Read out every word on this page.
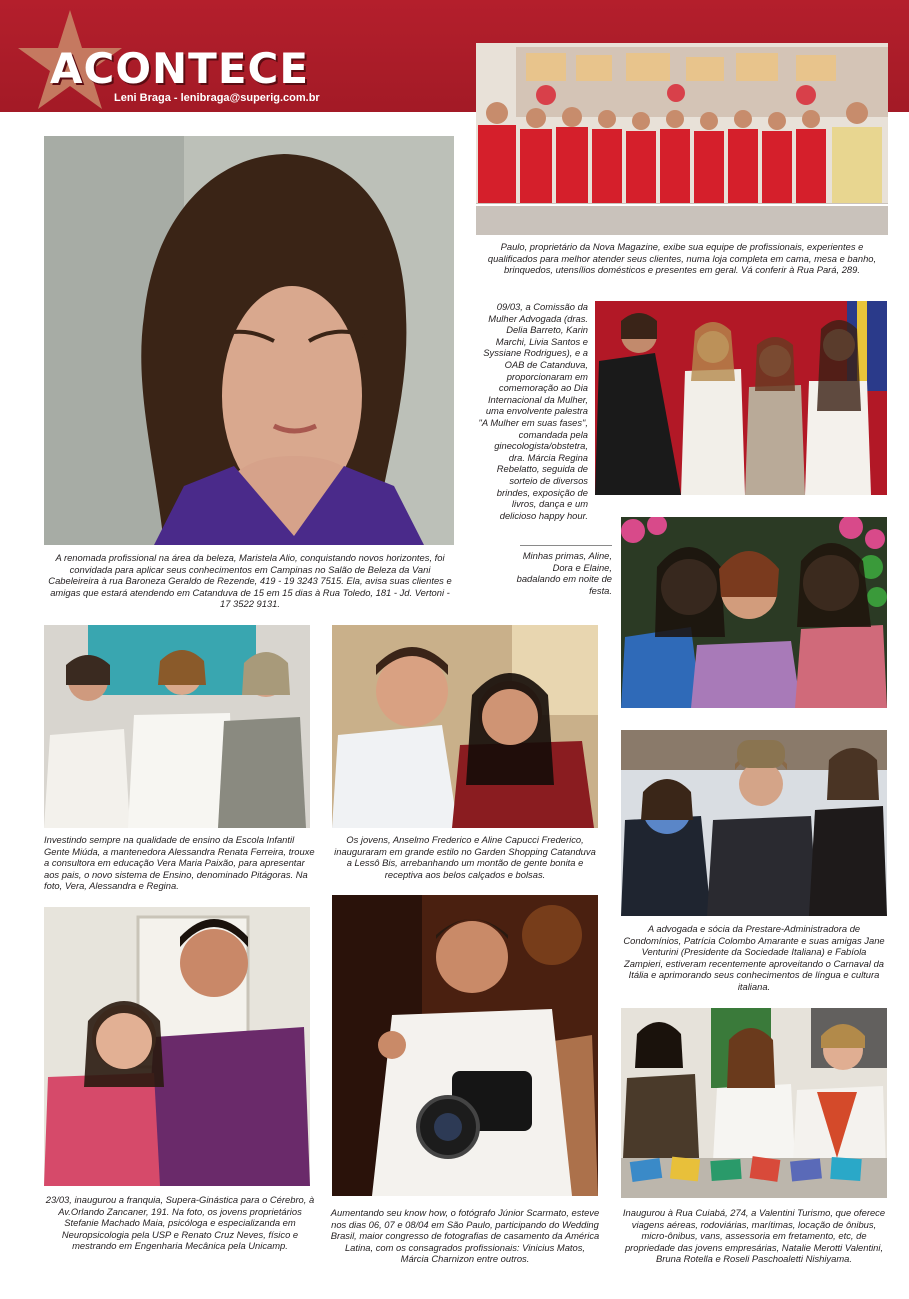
ACONTECE
Leni Braga - lenibraga@superig.com.br
A renomada profissional na área da beleza, Maristela Alio, conquistando novos horizontes, foi convidada para aplicar seus conhecimentos em Campinas no Salão de Beleza da Vani Cabeleireira à rua Baroneza Geraldo de Rezende, 419 - 19 3243 7515. Ela, avisa suas clientes e amigas que estará atendendo em Catanduva de 15 em 15 dias à Rua Toledo, 181 - Jd. Vertoni - 17 3522 9131.
Paulo, proprietário da Nova Magazine, exibe sua equipe de profissionais, experientes e qualificados para melhor atender seus clientes, numa loja completa em cama, mesa e banho, brinquedos, utensílios domésticos e presentes em geral. Vá conferir à Rua Pará, 289.
09/03, a Comissão da Mulher Advogada (dras. Delia Barreto, Karin Marchi, Livia Santos e Syssiane Rodrigues), e a OAB de Catanduva, proporcionaram em comemoração ao Dia Internacional da Mulher, uma envolvente palestra "A Mulher em suas fases", comandada pela ginecologista/obstetra, dra. Márcia Regina Rebelatto, seguida de sorteio de diversos brindes, exposição de livros, dança e um delicioso happy hour.
Minhas primas, Aline, Dora e Elaine, badalando em noite de festa.
Investindo sempre na qualidade de ensino da Escola Infantil Gente Miúda, a mantenedora Alessandra Renata Ferreira, trouxe a consultora em educação Vera Maria Paixão, para apresentar aos pais, o novo sistema de Ensino, denominado Pitágoras. Na foto, Vera, Alessandra e Regina.
Os jovens, Anselmo Frederico e Aline Capucci Frederico, inauguraram em grande estilo no Garden Shopping Catanduva a Lessô Bis, arrebanhando um montão de gente bonita e receptiva aos belos calçados e bolsas.
A advogada e sócia da Prestare-Administradora de Condomínios, Patrícia Colombo Amarante e suas amigas Jane Venturini (Presidente da Sociedade Italiana) e Fabíola Zampieri, estiveram recentemente aproveitando o Carnaval da Itália e aprimorando seus conhecimentos de língua e cultura italiana.
23/03, inaugurou a franquia, Supera-Ginástica para o Cérebro, à Av.Orlando Zancaner, 191. Na foto, os jovens proprietários Stefanie Machado Maia, psicóloga e especializanda em Neuropsicologia pela USP e Renato Cruz Neves, físico e mestrando em Engenharia Mecânica pela Unicamp.
Aumentando seu know how, o fotógrafo Júnior Scarmato, esteve nos dias 06, 07 e 08/04 em São Paulo, participando do Wedding Brasil, maior congresso de fotografias de casamento da América Latina, com os consagrados profissionais: Vinicius Matos, Márcia Charnizon entre outros.
Inaugurou à Rua Cuiabá, 274, a Valentini Turismo, que oferece viagens aéreas, rodoviárias, marítimas, locação de ônibus, micro-ônibus, vans, assessoria em fretamento, etc, de propriedade das jovens empresárias, Natalie Merotti Valentini, Bruna Rotella e Roseli Paschoaletti Nishiyama.
